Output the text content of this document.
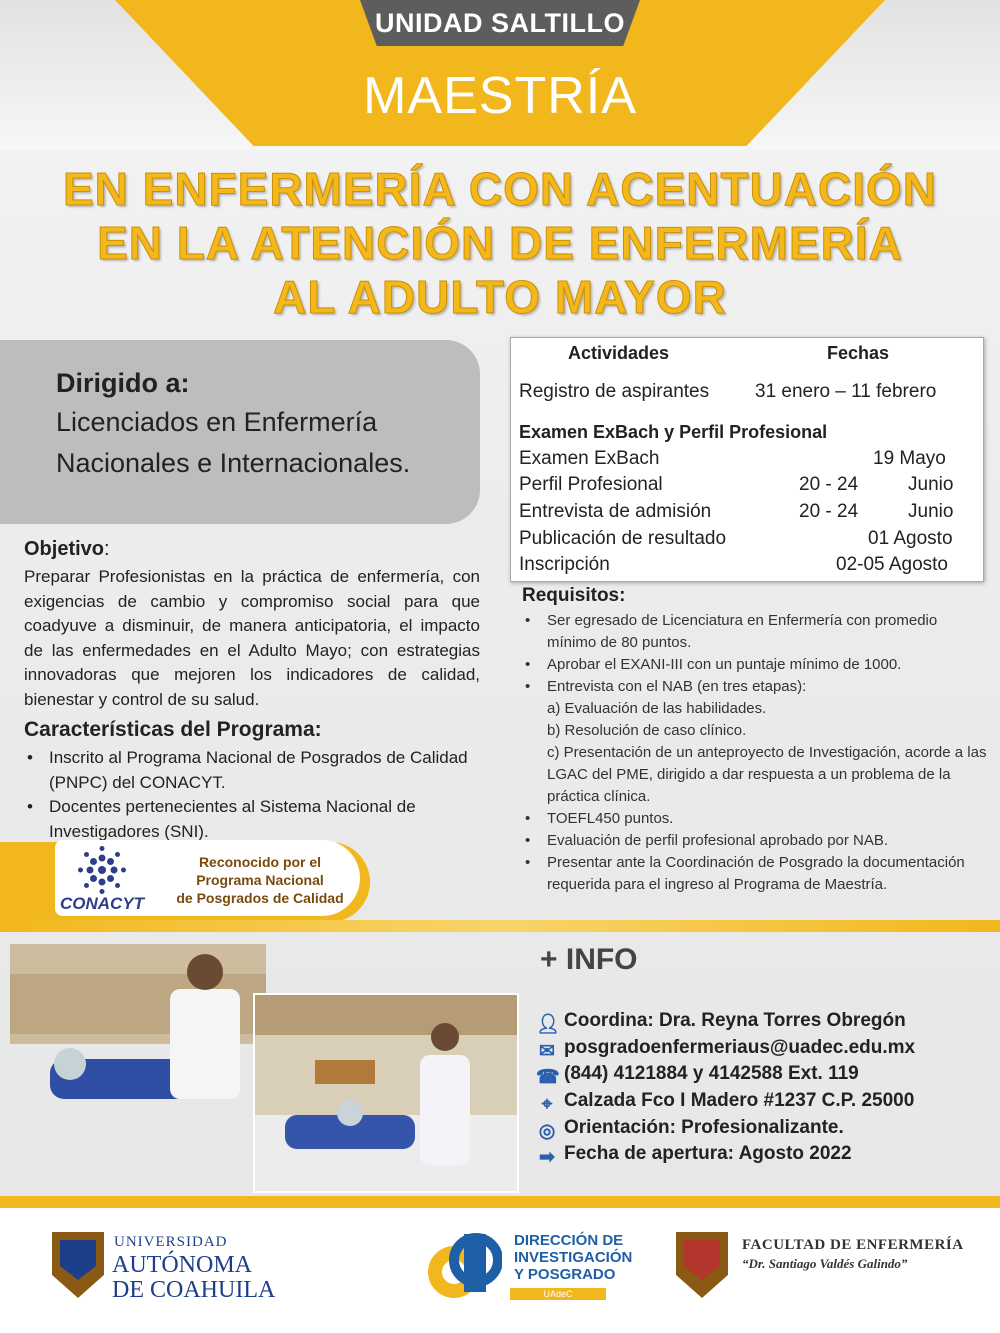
UNIDAD SALTILLO
MAESTRÍA
EN ENFERMERÍA CON ACENTUACIÓN
EN LA ATENCIÓN DE ENFERMERÍA
AL ADULTO MAYOR
Dirigido a:
Licenciados en Enfermería
Nacionales e Internacionales.
Actividades	Fechas
Registro de aspirantes 31 enero – 11 febrero
Examen ExBach y Perfil Profesional
Examen ExBach	19 Mayo
Perfil Profesional	20 - 24	Junio
Entrevista de admisión	20 - 24	Junio
Publicación de resultado	01 Agosto
Inscripción	02-05 Agosto
Objetivo:
Preparar Profesionistas en la práctica de enfermería, con exigencias de cambio y compromiso social para que coadyuve a disminuir, de manera anticipatoria, el impacto de las enfermedades en el Adulto Mayo; con estrategias innovadoras que mejoren los indicadores de calidad, bienestar y control de su salud.
Características del Programa:
• Inscrito al Programa Nacional de Posgrados de Calidad (PNPC) del CONACYT.
• Docentes pertenecientes al Sistema Nacional de Investigadores (SNI).
Requisitos:
• Ser egresado de Licenciatura en Enfermería con promedio mínimo de 80 puntos.
• Aprobar el EXANI-III con un puntaje mínimo de 1000.
• Entrevista con el NAB (en tres etapas):
a) Evaluación de las habilidades.
b) Resolución de caso clínico.
c) Presentación de un anteproyecto de Investigación, acorde a las LGAC del PME, dirigido a dar respuesta a un problema de la práctica clínica.
• TOEFL450 puntos.
• Evaluación de perfil profesional aprobado por NAB.
• Presentar ante la Coordinación de Posgrado la documentación requerida para el ingreso al Programa de Maestría.
CONACYT
Reconocido por el
Programa Nacional
de Posgrados de Calidad
+ INFO
👤︎ Coordina: Dra. Reyna Torres Obregón
✉ posgradoenfermeriaus@uadec.edu.mx
☎ (844) 4121884 y 4142588 Ext. 119
⌖ Calzada Fco I Madero #1237 C.P. 25000
◎ Orientación: Profesionalizante.
➡ Fecha de apertura: Agosto 2022
UNIVERSIDAD
AUTÓNOMA
DE COAHUILA
DIRECCIÓN DE
INVESTIGACIÓN
Y POSGRADO
UAdeC
FACULTAD DE ENFERMERÍA
“Dr. Santiago Valdés Galindo”
